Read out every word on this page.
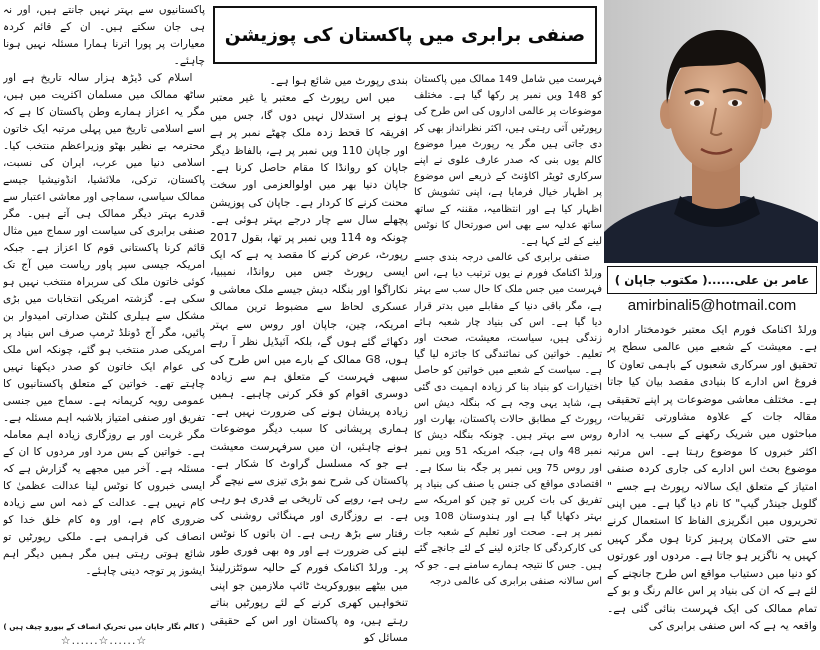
صنفی برابری میں پاکستان کی پوزیشن
عامر بن علی......( مکتوب جاپان )
amirbinali5@hotmail.com

ورلڈ اکنامک فورم ایک معتبر خودمختار ادارہ ہے۔ معیشت کے شعبے میں عالمی سطح پر تحقیق اور سرکاری شعبوں کے باہمی تعاون کا فروغ اس ادارے کا بنیادی مقصد بیان کیا جاتا ہے۔ مختلف معاشی موضوعات پر اپنے تحقیقی مقالہ جات کے علاوہ مشاورتی تقریبات، مباحثوں میں شریک رکھنے کے سبب یہ ادارہ اکثر خبروں کا موضوع رہتا ہے۔ اس مرتبہ موضوع بحث اس ادارے کی جاری کردہ صنفی امتیاز کے متعلق ایک سالانہ رپورٹ ہے جسے " گلوبل جینڈر گیپ" کا نام دیا گیا ہے۔ میں اپنی تحریروں میں انگریزی الفاظ کا استعمال کرنے سے حتی الامکان پرہیز کرتا ہوں مگر کہیں کہیں یہ ناگزیر ہو جاتا ہے۔ مردوں اور عورتوں کو دنیا میں دستیاب مواقع اس طرح جانچنے کے لئے ہے کہ ان کی بنیاد پر اس عالم رنگ و بو کے تمام ممالک کی ایک فہرست بنائی گئی ہے۔ واقعہ یہ ہے کہ اس صنفی برابری کی

فہرست میں شامل 149 ممالک میں پاکستان کو 148 ویں نمبر پر رکھا گیا ہے۔ مختلف موضوعات پر عالمی اداروں کی اس طرح کی رپورٹیں آتی رہتی ہیں، اکثر نظرانداز بھی کر دی جاتی ہیں مگر یہ رپورٹ میرا موضوع کالم یوں بنی کہ صدر عارف علوی نے اپنے سرکاری ٹویٹر اکاؤنٹ کے ذریعے اس موضوع پر اظہار خیال فرمایا ہے، اپنی تشویش کا اظہار کیا ہے اور انتظامیہ، مقننہ کے ساتھ ساتھ عدلیہ سے بھی اس صورتحال کا نوٹس لینے کے لئے کہا ہے۔

صنفی برابری کی عالمی درجہ بندی جسے ورلڈ اکنامک فورم نے یوں ترتیب دیا ہے، اس فہرست میں جس ملک کا حال سب سے بہتر ہے، مگر باقی دنیا کے مقابلے میں بدتر قرار دیا گیا ہے۔ اس کی بنیاد چار شعبہ ہائے زندگی ہیں، سیاست، معیشت، صحت اور تعلیم۔ خواتین کی نمائندگی کا جائزہ لیا گیا ہے۔ سیاست کے شعبے میں خواتین کو حاصل اختیارات کو بنیاد بنا کر زیادہ اہمیت دی گئی ہے، شاید یہی وجہ ہے کہ بنگلہ دیش اس رپورٹ کے مطابق حالات پاکستان، بھارت اور روس سے بہتر ہیں۔ چونکہ بنگلہ دیش کا نمبر 48 واں ہے، جبکہ امریکہ 51 ویں نمبر اور روس 75 ویں نمبر پر جگہ بنا سکا ہے۔ اقتصادی مواقع کی جنس یا صنف کی بنیاد پر تفریق کی بات کریں تو چین کو امریکہ سے بہتر دکھایا گیا ہے اور ہندوستان 108 ویں نمبر پر ہے۔ صحت اور تعلیم کے شعبہ جات کی کارکردگی کا جائزہ لینے کے لئے جانچے گئے ہیں۔ جس کا نتیجہ ہمارے سامنے ہے۔ جو کہ اس سالانہ صنفی برابری کی عالمی درجہ

بندی رپورٹ میں شائع ہوا ہے۔

میں اس رپورٹ کے معتبر یا غیر معتبر ہونے پر استدلال نہیں دوں گا، جس میں افریقہ کا قحط زدہ ملک چھٹے نمبر پر ہے اور جاپان 110 ویں نمبر پر ہے، بالفاظ دیگر جاپان کو روانڈا کا مقام حاصل کرنا ہے۔ جاپان دنیا بھر میں اولوالعزمی اور سخت محنت کرنے کا کردار ہے۔ جاپان کی پوزیشن پچھلے سال سے چار درجے بہتر ہوئی ہے۔ چونکہ وہ 114 ویں نمبر پر تھا، بقول 2017 رپورٹ، عرض کرنے کا مقصد یہ ہے کہ ایک ایسی رپورٹ جس میں روانڈا، نمیبیا، نکاراگوا اور بنگلہ دیش جیسے ملک معاشی و عسکری لحاظ سے مضبوط ترین ممالک امریکہ، چین، جاپان اور روس سے بہتر دکھائے گئے ہوں گے، بلکہ آئیڈیل نظر آ رہے ہوں، G8 ممالک کے بارے میں اس طرح کی سبھی فہرست کے متعلق ہم سے زیادہ دوسری اقوام کو فکر کرنی چاہیے۔ ہمیں زیادہ پریشان ہونے کی ضرورت نہیں ہے۔ ہماری پریشانی کا سبب دیگر موضوعات ہونے چاہئیں، ان میں سرفہرست معیشت ہے جو کہ مسلسل گراوٹ کا شکار ہے۔ پاکستان کی شرح نمو بڑی تیزی سے نیچے گر رہی ہے، روپے کی تاریخی بے قدری ہو رہی ہے۔ بے روزگاری اور مہنگائی روشنی کی رفتار سے بڑھ رہی ہے۔ ان باتوں کا نوٹس لینے کی ضرورت ہے اور وہ بھی فوری طور پر۔ ورلڈ اکنامک فورم کے حالیہ سوئٹزرلینڈ میں بیٹھے بیوروکریٹ ٹائپ ملازمین جو اپنی تنخواہیں کھری کرنے کے لئے رپورٹیں بناتے رہتے ہیں، وہ پاکستان اور اس کے حقیقی مسائل کو

پاکستانیوں سے بہتر نہیں جانتے ہیں، اور نہ ہی جان سکتے ہیں۔ ان کے قائم کردہ معیارات پر پورا اترنا ہمارا مسئلہ نہیں ہونا چاہئے۔

اسلام کی ڈیڑھ ہزار سالہ تاریخ ہے اور ساٹھ ممالک میں مسلمان اکثریت میں ہیں، مگر یہ اعزاز ہمارے وطن پاکستان کا ہے کہ اسے اسلامی تاریخ میں پہلی مرتبہ ایک خاتون محترمہ بے نظیر بھٹو وزیراعظم منتخب کیا۔ اسلامی دنیا میں عرب، ایران کی نسبت، پاکستان، ترکی، ملائشیا، انڈونیشیا جیسے ممالک سیاسی، سماجی اور معاشی اعتبار سے قدرے بہتر دیگر ممالک ہی آتے ہیں۔ مگر صنفی برابری کی سیاست اور سماج میں مثال قائم کرنا پاکستانی قوم کا اعزاز ہے۔ جبکہ امریکہ جیسی سپر پاور ریاست میں آج تک کوئی خاتون ملک کی سربراہ منتخب نہیں ہو سکی ہے۔ گزشتہ امریکی انتخابات میں بڑی مشکل سے ہیلری کلنٹن صدارتی امیدوار بن پائیں، مگر آج ڈونلڈ ٹرمپ صرف اس بنیاد پر امریکی صدر منتخب ہو گئے، چونکہ اس ملک کی عوام ایک خاتون کو صدر دیکھنا نہیں چاہتے تھے۔ خواتین کے متعلق پاکستانیوں کا عمومی رویہ کریمانہ ہے۔ سماج میں جنسی تفریق اور صنفی امتیاز بلاشبہ اہم مسئلہ ہے۔ مگر غربت اور بے روزگاری زیادہ اہم معاملہ ہے۔ خواتین کے بس مرد اور مردوں کا ان کے مسئلہ ہے۔ آخر میں مجھے یہ گزارش ہے کہ ایسی خبروں کا نوٹس لینا عدالت عظمیٰ کا کام نہیں ہے۔ عدالت کے ذمہ اس سے زیادہ ضروری کام ہے، اور وہ کام خلق خدا کو انصاف کی فراہمی ہے۔ ملکی رپورٹیں تو شائع ہوتی رہتی ہیں مگر ہمیں دیگر اہم ایشوز پر توجہ دینی چاہئے۔

( کالم نگار جاپان میں تحریکِ انصاف کے بیورو چیف ہیں )
☆......☆......☆
